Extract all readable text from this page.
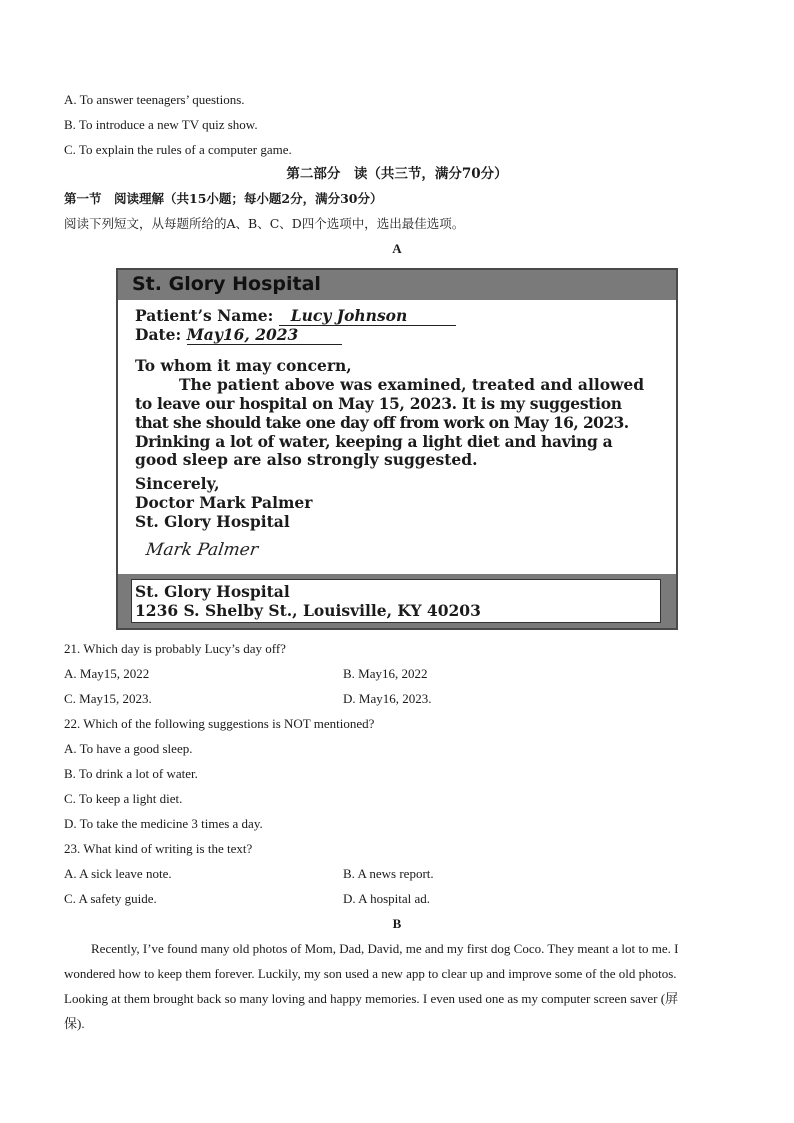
A. To answer teenagers’ questions.
B. To introduce a new TV quiz show.
C. To explain the rules of a computer game.
第二部分　读（共三节，满分70分）
第一节　阅读理解（共15小题；每小题2分，满分30分）
阅读下列短文，从每题所给的A、B、C、D四个选项中，选出最佳选项。
A
St. Glory Hospital
Patient’s Name: Lucy Johnson
Date: May16, 2023
To whom it may concern,
The patient above was examined, treated and allowed
to leave our hospital on May 15, 2023. It is my suggestion
that she should take one day off from work on May 16, 2023.
Drinking a lot of water, keeping a light diet and having a
good sleep are also strongly suggested.
Sincerely,
Doctor Mark Palmer
St. Glory Hospital
Mark Palmer
St. Glory Hospital
1236 S. Shelby St., Louisville, KY 40203
21. Which day is probably Lucy’s day off?
A. May15, 2022	B. May16, 2022
C. May15, 2023.	D. May16, 2023.
22. Which of the following suggestions is NOT mentioned?
A. To have a good sleep.
B. To drink a lot of water.
C. To keep a light diet.
D. To take the medicine 3 times a day.
23. What kind of writing is the text?
A. A sick leave note.	B. A news report.
C. A safety guide.	D. A hospital ad.
B
Recently, I’ve found many old photos of Mom, Dad, David, me and my first dog Coco. They meant a lot to me. I
wondered how to keep them forever. Luckily, my son used a new app to clear up and improve some of the old photos.
Looking at them brought back so many loving and happy memories. I even used one as my computer screen saver (屏
保).
